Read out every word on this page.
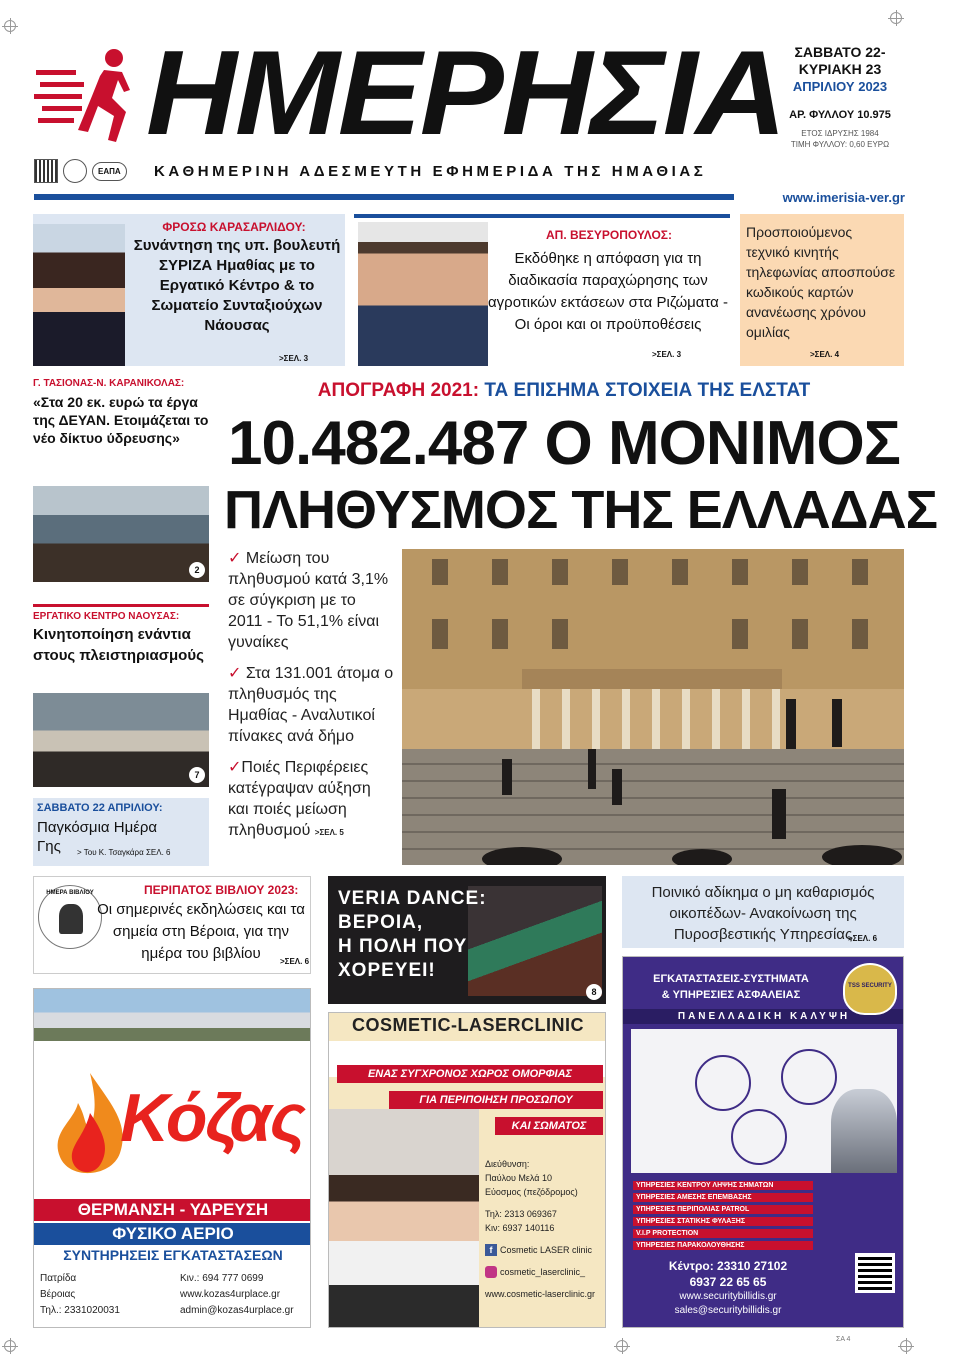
ΗΜΕΡΗΣΙΑ
ΕΑΠΑ	ΚΑΘΗΜΕΡΙΝΗ ΑΔΕΣΜΕΥΤΗ ΕΦΗΜΕΡΙΔΑ ΤΗΣ ΗΜΑΘΙΑΣ
ΣΑΒΒΑΤΟ 22-
ΚΥΡΙΑΚΗ 23
ΑΠΡΙΛΙΟΥ 2023
ΑΡ. ΦΥΛΛΟΥ 10.975
ΕΤΟΣ ΙΔΡΥΣΗΣ 1984
ΤΙΜΗ ΦΥΛΛΟΥ: 0,60 ΕΥΡΩ
www.imerisia-ver.gr
ΦΡΟΣΩ ΚΑΡΑΣΑΡΛΙΔΟΥ:
Συνάντηση της υπ. βουλευτή ΣΥΡΙΖΑ Ημαθίας με το Εργατικό Κέντρο & το Σωματείο Συνταξιούχων Νάουσας
>ΣΕΛ. 3
ΑΠ. ΒΕΣΥΡΟΠΟΥΛΟΣ:
Εκδόθηκε η απόφαση για τη διαδικασία παραχώρησης των αγροτικών εκτάσεων στα Ριζώματα - Οι όροι και οι προϋποθέσεις
>ΣΕΛ. 3
Προσποιούμενος τεχνικό κινητής τηλεφωνίας αποσπούσε κωδικούς καρτών ανανέωσης χρόνου ομιλίας
>ΣΕΛ. 4
Γ. ΤΑΣΙΟΝΑΣ-Ν. ΚΑΡΑΝΙΚΟΛΑΣ:
«Στα 20 εκ. ευρώ τα έργα της ΔΕΥΑΝ. Ετοιμάζεται το νέο δίκτυο ύδρευσης»
2
ΕΡΓΑΤΙΚΟ ΚΕΝΤΡΟ ΝΑΟΥΣΑΣ:
Κινητοποίηση ενάντια στους πλειστηριασμούς
7
ΣΑΒΒΑΤΟ 22 ΑΠΡΙΛΙΟΥ:
Παγκόσμια Ημέρα Γης	> Του Κ. Τσαγκάρα ΣΕΛ. 6
ΑΠΟΓΡΑΦΗ 2021: ΤΑ ΕΠΙΣΗΜΑ ΣΤΟΙΧΕΙΑ ΤΗΣ ΕΛΣΤΑΤ
10.482.487 Ο ΜΟΝΙΜΟΣ
ΠΛΗΘΥΣΜΟΣ ΤΗΣ ΕΛΛΑΔΑΣ
✓ Μείωση του πληθυσμού κατά 3,1% σε σύγκριση με το 2011 - Το 51,1% είναι γυναίκες
✓ Στα 131.001 άτομα ο πληθυσμός της Ημαθίας - Αναλυτικοί πίνακες ανά δήμο
✓Ποιές Περιφέρειες κατέγραψαν αύξηση και ποιές μείωση πληθυσμού >ΣΕΛ. 5
ΗΜΕΡΑ ΒΙΒΛΙΟΥ	ΠΕΡΙΠΑΤΟΣ ΒΙΒΛΙΟΥ 2023:
Οι σημερινές εκδηλώσεις και τα σημεία στη Βέροια, για την ημέρα του βιβλίου	>ΣΕΛ. 6
VERIA DANCE:
ΒΕΡΟΙΑ,
Η ΠΟΛΗ ΠΟΥ
ΧΟΡΕΥΕΙ!
8
Ποινικό αδίκημα ο μη καθαρισμός οικοπέδων- Ανακοίνωση της Πυροσβεστικής Υπηρεσίας
>ΣΕΛ. 6
Κόζας
ΘΕΡΜΑΝΣΗ - ΥΔΡΕΥΣΗ
ΦΥΣΙΚΟ ΑΕΡΙΟ
ΣΥΝΤΗΡΗΣΕΙΣ ΕΓΚΑΤΑΣΤΑΣΕΩΝ
Πατρίδα
Βέροιας
Τηλ.: 2331020031
Κιν.: 694 777 0699
www.kozas4urplace.gr
admin@kozas4urplace.gr
COSMETIC-LASERCLINIC
ΕΝΑΣ ΣΥΓΧΡΟΝΟΣ ΧΩΡΟΣ ΟΜΟΡΦΙΑΣ
ΓΙΑ ΠΕΡΙΠΟΙΗΣΗ ΠΡΟΣΩΠΟΥ
ΚΑΙ ΣΩΜΑΤΟΣ
Διεύθυνση:
Παύλου Μελά 10
Εύοσμος (πεζόδρομος)
Τηλ: 2313 069367
Κιν: 6937 140116
f Cosmetic LASER clinic
cosmetic_laserclinic_
www.cosmetic-laserclinic.gr
ΕΓΚΑΤΑΣΤΑΣΕΙΣ-ΣΥΣΤΗΜΑΤΑ
& ΥΠΗΡΕΣΙΕΣ ΑΣΦΑΛΕΙΑΣ
ΠΑΝΕΛΛΑΔΙΚΗ ΚΑΛΥΨΗ
TSS SECURITY
ΥΠΗΡΕΣΙΕΣ ΚΕΝΤΡΟΥ ΛΗΨΗΣ ΣΗΜΑΤΩΝ
ΥΠΗΡΕΣΙΕΣ ΑΜΕΣΗΣ ΕΠΕΜΒΑΣΗΣ
ΥΠΗΡΕΣΙΕΣ ΠΕΡΙΠΟΛΙΑΣ PATROL
ΥΠΗΡΕΣΙΕΣ ΣΤΑΤΙΚΗΣ ΦΥΛΑΞΗΣ
V.I.P PROTECTION
ΥΠΗΡΕΣΙΕΣ ΠΑΡΑΚΟΛΟΥΘΗΣΗΣ
Κέντρο: 23310 27102
6937 22 65 65
www.securitybillidis.gr
sales@securitybillidis.gr
ΣΑ 4
